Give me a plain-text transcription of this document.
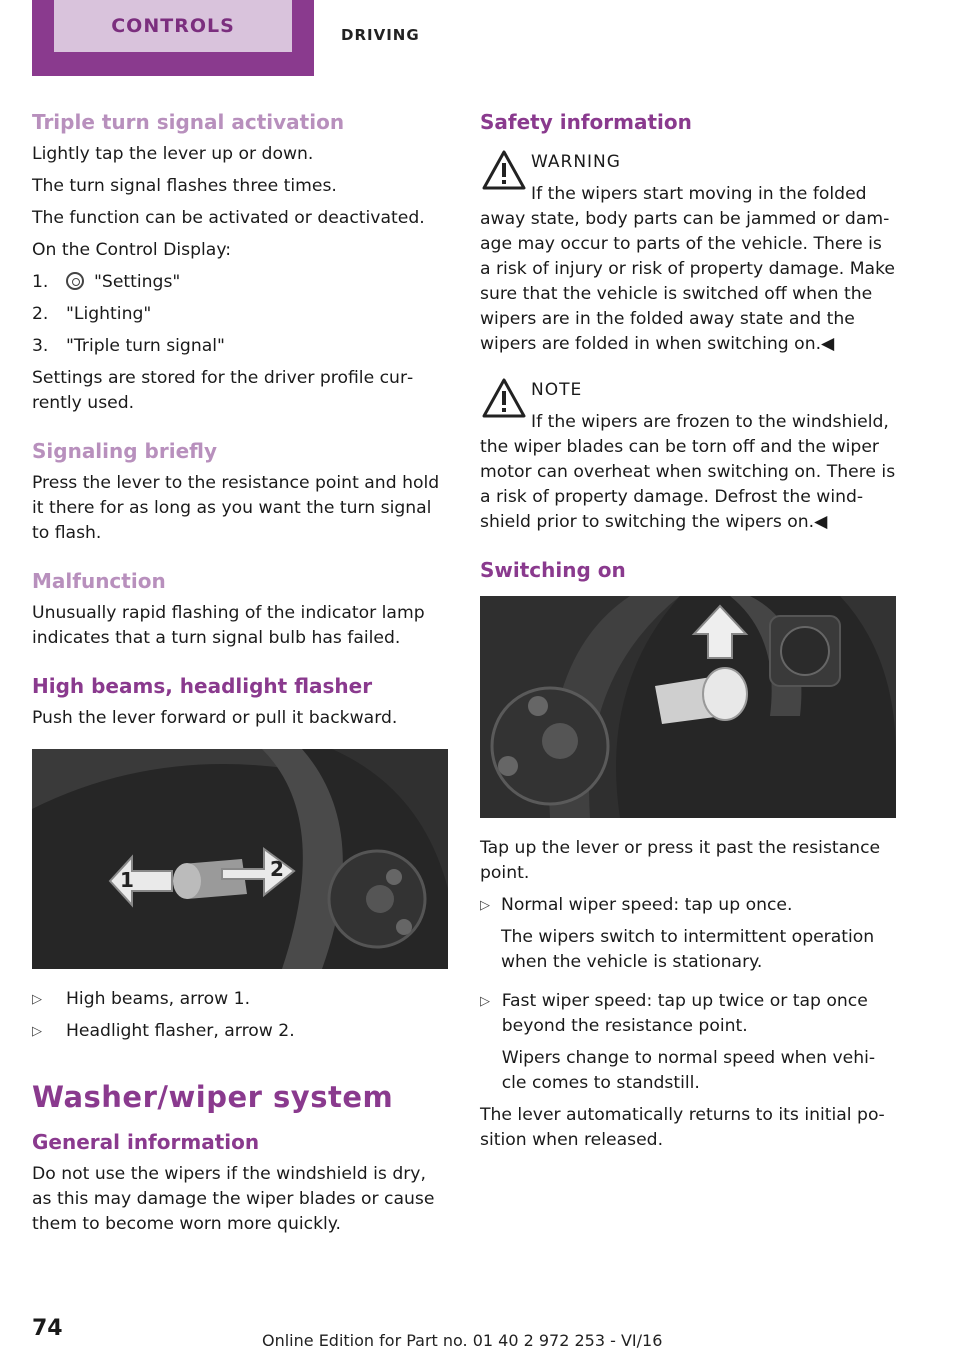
CONTROLS	DRIVING
Triple turn signal activation

Lightly tap the lever up or down.

The turn signal flashes three times.

The function can be activated or deactivated.

On the Control Display:

1.	"Settings"
2.	"Lighting"
3.	"Triple turn signal"

Settings are stored for the driver profile cur‐ rently used.

Signaling briefly

Press the lever to the resistance point and hold it there for as long as you want the turn signal to flash.

Malfunction

Unusually rapid flashing of the indicator lamp indicates that a turn signal bulb has failed.

High beams, headlight flasher

Push the lever forward or pull it backward.

1	2
▷	High beams, arrow 1.
▷	Headlight flasher, arrow 2.
Washer/wiper system
General information

Do not use the wipers if the windshield is dry, as this may damage the wiper blades or cause them to become worn more quickly.

Safety information
WARNING

If the wipers start moving in the folded

away state, body parts can be jammed or dam‐ age may occur to parts of the vehicle. There is a risk of injury or risk of property damage. Make sure that the vehicle is switched off when the wipers are in the folded away state and the wipers are folded in when switching on.◀

NOTE

If the wipers are frozen to the windshield,

the wiper blades can be torn off and the wiper motor can overheat when switching on. There is a risk of property damage. Defrost the wind‐ shield prior to switching the wipers on.◀

Switching on

Tap up the lever or press it past the resistance point.

▷ Normal wiper speed: tap up once.

The wipers switch to intermittent operation when the vehicle is stationary.

▷ Fast wiper speed: tap up twice or tap once beyond the resistance point.

Wipers change to normal speed when vehi‐ cle comes to standstill.

The lever automatically returns to its initial po‐ sition when released.

74	Online Edition for Part no. 01 40 2 972 253 - VI/16
